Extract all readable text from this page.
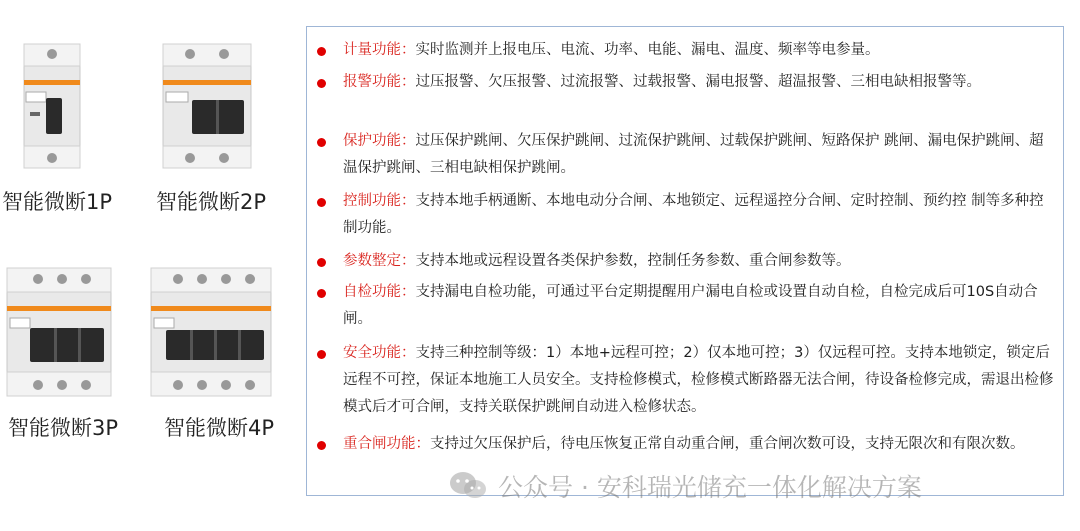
智能微断1P 智能微断2P
智能微断3P 智能微断4P
计量功能：实时监测并上报电压、电流、功率、电能、漏电、温度、频率等电参量。
报警功能：过压报警、欠压报警、过流报警、过载报警、漏电报警、超温报警、三相电缺相报警等。
保护功能：过压保护跳闸、欠压保护跳闸、过流保护跳闸、过载保护跳闸、短路保护 跳闸、漏电保护跳闸、超温保护跳闸、三相电缺相保护跳闸。
控制功能：支持本地手柄通断、本地电动分合闸、本地锁定、远程遥控分合闸、定时控制、预约控 制等多种控制功能。
参数整定：支持本地或远程设置各类保护参数，控制任务参数、重合闸参数等。
自检功能：支持漏电自检功能，可通过平台定期提醒用户漏电自检或设置自动自检，自检完成后可10S自动合闸。
安全功能：支持三种控制等级：1）本地+远程可控；2）仅本地可控；3）仅远程可控。支持本地锁定，锁定后远程不可控，保证本地施工人员安全。支持检修模式，检修模式断路器无法合闸，待设备检修完成，需退出检修模式后才可合闸，支持关联保护跳闸自动进入检修状态。
重合闸功能：支持过欠压保护后，待电压恢复正常自动重合闸，重合闸次数可设，支持无限次和有限次数。
公众号 · 安科瑞光储充一体化解决方案
